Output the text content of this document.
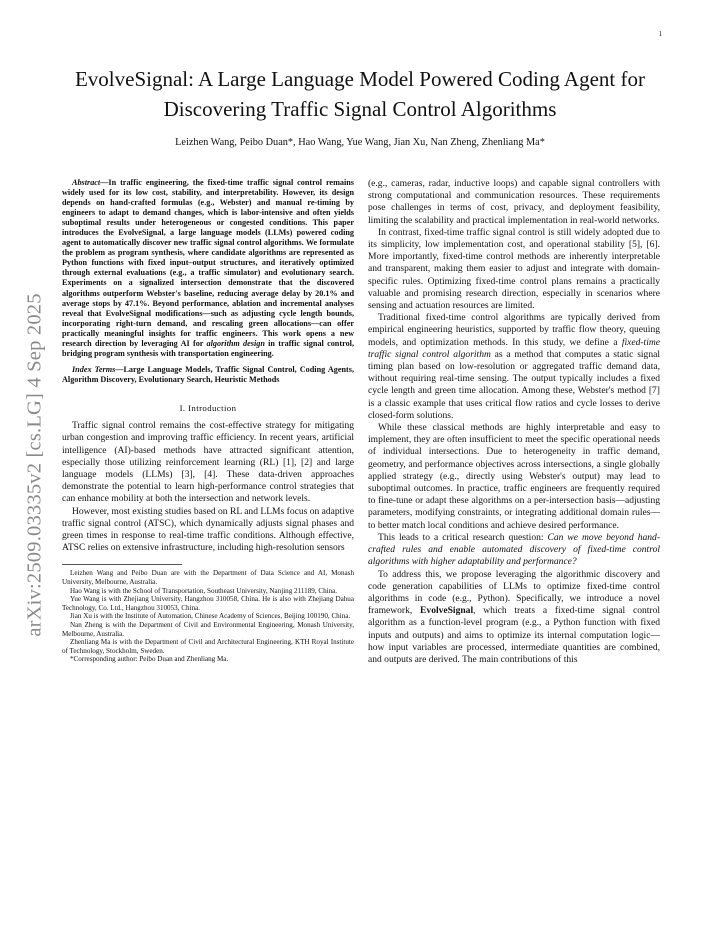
1
arXiv:2509.03335v2 [cs.LG] 4 Sep 2025
EvolveSignal: A Large Language Model Powered Coding Agent for Discovering Traffic Signal Control Algorithms
Leizhen Wang, Peibo Duan*, Hao Wang, Yue Wang, Jian Xu, Nan Zheng, Zhenliang Ma*
Abstract—In traffic engineering, the fixed-time traffic signal control remains widely used for its low cost, stability, and interpretability. However, its design depends on hand-crafted formulas (e.g., Webster) and manual re-timing by engineers to adapt to demand changes, which is labor-intensive and often yields suboptimal results under heterogeneous or congested conditions. This paper introduces the EvolveSignal, a large language models (LLMs) powered coding agent to automatically discover new traffic signal control algorithms. We formulate the problem as program synthesis, where candidate algorithms are represented as Python functions with fixed input–output structures, and iteratively optimized through external evaluations (e.g., a traffic simulator) and evolutionary search. Experiments on a signalized intersection demonstrate that the discovered algorithms outperform Webster's baseline, reducing average delay by 20.1% and average stops by 47.1%. Beyond performance, ablation and incremental analyses reveal that EvolveSignal modifications—such as adjusting cycle length bounds, incorporating right-turn demand, and rescaling green allocations—can offer practically meaningful insights for traffic engineers. This work opens a new research direction by leveraging AI for algorithm design in traffic signal control, bridging program synthesis with transportation engineering.
Index Terms—Large Language Models, Traffic Signal Control, Coding Agents, Algorithm Discovery, Evolutionary Search, Heuristic Methods
I. Introduction

Traffic signal control remains the cost-effective strategy for mitigating urban congestion and improving traffic efficiency. In recent years, artificial intelligence (AI)-based methods have attracted significant attention, especially those utilizing reinforcement learning (RL) [1], [2] and large language models (LLMs) [3], [4]. These data-driven approaches demonstrate the potential to learn high-performance control strategies that can enhance mobility at both the intersection and network levels.

However, most existing studies based on RL and LLMs focus on adaptive traffic signal control (ATSC), which dynamically adjusts signal phases and green times in response to real-time traffic conditions. Although effective, ATSC relies on extensive infrastructure, including high-resolution sensors

Leizhen Wang and Peibo Duan are with the Department of Data Science and AI, Monash University, Melbourne, Australia.
Hao Wang is with the School of Transportation, Southeast University, Nanjing 211189, China.
Yue Wang is with Zhejiang University, Hangzhou 310058, China. He is also with Zhejiang Dahua Technology, Co. Ltd., Hangzhou 310053, China.
Jian Xu is with the Institute of Automation, Chinese Academy of Sciences, Beijing 100190, China.
Nan Zheng is with the Department of Civil and Environmental Engineering, Monash University, Melbourne, Australia.
Zhenliang Ma is with the Department of Civil and Architectural Engineering, KTH Royal Institute of Technology, Stockholm, Sweden.
*Corresponding author: Peibo Duan and Zhenliang Ma.

(e.g., cameras, radar, inductive loops) and capable signal controllers with strong computational and communication resources. These requirements pose challenges in terms of cost, privacy, and deployment feasibility, limiting the scalability and practical implementation in real-world networks.

In contrast, fixed-time traffic signal control is still widely adopted due to its simplicity, low implementation cost, and operational stability [5], [6]. More importantly, fixed-time control methods are inherently interpretable and transparent, making them easier to adjust and integrate with domain-specific rules. Optimizing fixed-time control plans remains a practically valuable and promising research direction, especially in scenarios where sensing and actuation resources are limited.

Traditional fixed-time control algorithms are typically derived from empirical engineering heuristics, supported by traffic flow theory, queuing models, and optimization methods. In this study, we define a fixed-time traffic signal control algorithm as a method that computes a static signal timing plan based on low-resolution or aggregated traffic demand data, without requiring real-time sensing. The output typically includes a fixed cycle length and green time allocation. Among these, Webster's method [7] is a classic example that uses critical flow ratios and cycle losses to derive closed-form solutions.

While these classical methods are highly interpretable and easy to implement, they are often insufficient to meet the specific operational needs of individual intersections. Due to heterogeneity in traffic demand, geometry, and performance objectives across intersections, a single globally applied strategy (e.g., directly using Webster's output) may lead to suboptimal outcomes. In practice, traffic engineers are frequently required to fine-tune or adapt these algorithms on a per-intersection basis—adjusting parameters, modifying constraints, or integrating additional domain rules—to better match local conditions and achieve desired performance.

This leads to a critical research question: Can we move beyond hand-crafted rules and enable automated discovery of fixed-time control algorithms with higher adaptability and performance?

To address this, we propose leveraging the algorithmic discovery and code generation capabilities of LLMs to optimize fixed-time control algorithms in code (e.g., Python). Specifically, we introduce a novel framework, EvolveSignal, which treats a fixed-time signal control algorithm as a function-level program (e.g., a Python function with fixed inputs and outputs) and aims to optimize its internal computation logic—how input variables are processed, intermediate quantities are combined, and outputs are derived. The main contributions of this
